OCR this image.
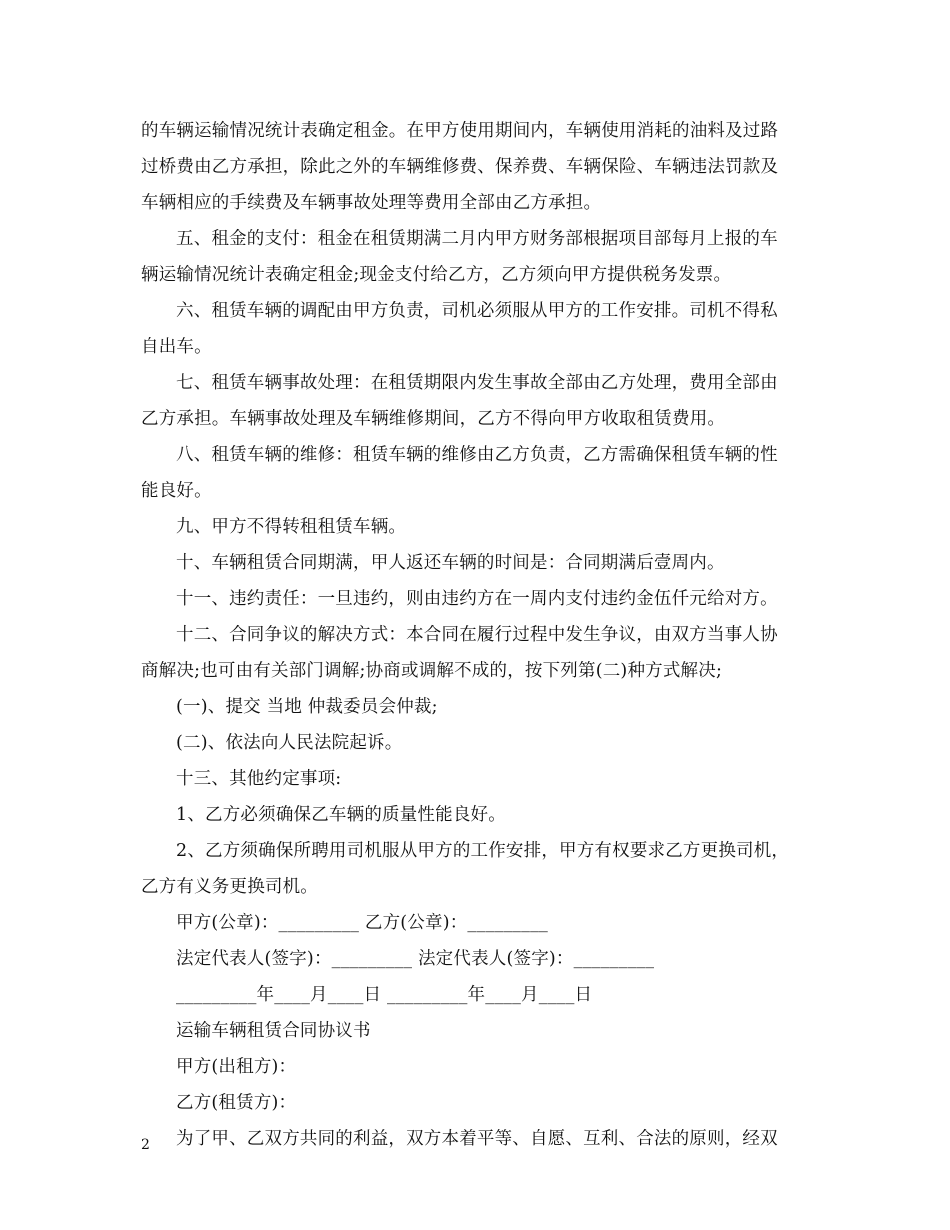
的车辆运输情况统计表确定租金。在甲方使用期间内，车辆使用消耗的油料及过路
过桥费由乙方承担，除此之外的车辆维修费、保养费、车辆保险、车辆违法罚款及
车辆相应的手续费及车辆事故处理等费用全部由乙方承担。
五、租金的支付：租金在租赁期满二月内甲方财务部根据项目部每月上报的车
辆运输情况统计表确定租金;现金支付给乙方，乙方须向甲方提供税务发票。
六、租赁车辆的调配由甲方负责，司机必须服从甲方的工作安排。司机不得私
自出车。
七、租赁车辆事故处理：在租赁期限内发生事故全部由乙方处理，费用全部由
乙方承担。车辆事故处理及车辆维修期间，乙方不得向甲方收取租赁费用。
八、租赁车辆的维修：租赁车辆的维修由乙方负责，乙方需确保租赁车辆的性
能良好。
九、甲方不得转租租赁车辆。
十、车辆租赁合同期满，甲人返还车辆的时间是：合同期满后壹周内。
十一、违约责任：一旦违约，则由违约方在一周内支付违约金伍仟元给对方。
十二、合同争议的解决方式：本合同在履行过程中发生争议，由双方当事人协
商解决;也可由有关部门调解;协商或调解不成的，按下列第(二)种方式解决;
(一)、提交 当地 仲裁委员会仲裁;
(二)、依法向人民法院起诉。
十三、其他约定事项:
1、乙方必须确保乙车辆的质量性能良好。
2、乙方须确保所聘用司机服从甲方的工作安排，甲方有权要求乙方更换司机，
乙方有义务更换司机。
甲方(公章)：_________ 乙方(公章)：_________
法定代表人(签字)：_________ 法定代表人(签字)：_________
_________年____月____日 _________年____月____日
运输车辆租赁合同协议书
甲方(出租方)：
乙方(租赁方)：
为了甲、乙双方共同的利益，双方本着平等、自愿、互利、合法的原则，经双
2
